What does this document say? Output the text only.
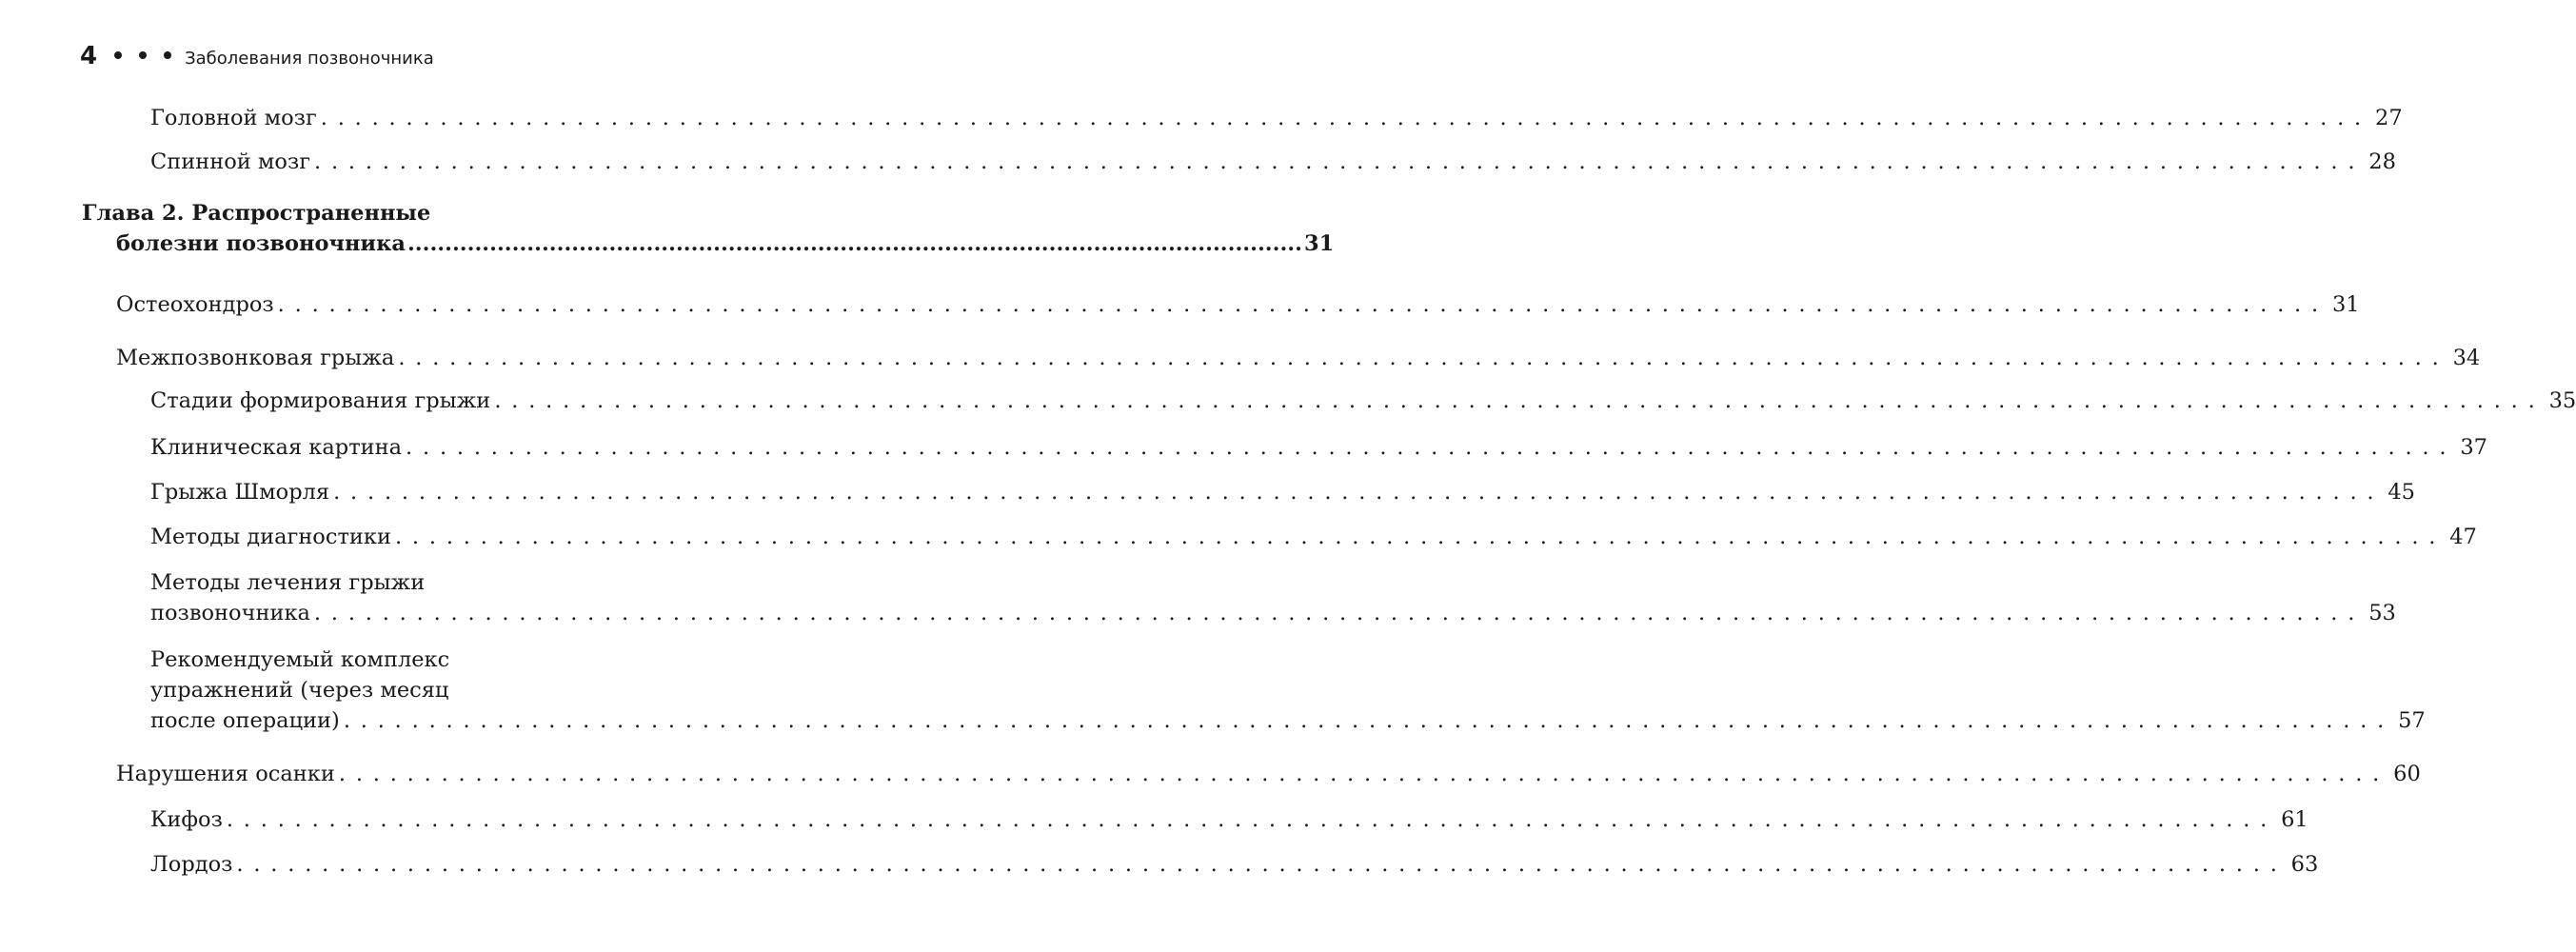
4	Заболевания позвоночника
Головной мозг ........................................................................................................................ 27
Спинной мозг ........................................................................................................................ 28
Глава 2. Распространенные
болезни позвоночника ........................................................................................................................ 31
Остеохондроз ........................................................................................................................ 31
Межпозвонковая грыжа ........................................................................................................................ 34
Стадии формирования грыжи ........................................................................................................................ 35
Клиническая картина ........................................................................................................................ 37
Грыжа Шморля ........................................................................................................................ 45
Методы диагностики ........................................................................................................................ 47
Методы лечения грыжи
позвоночника ........................................................................................................................ 53
Рекомендуемый комплекс
упражнений (через месяц
после операции) ........................................................................................................................ 57
Нарушения осанки ........................................................................................................................ 60
Кифоз ........................................................................................................................ 61
Лордоз ........................................................................................................................ 63
